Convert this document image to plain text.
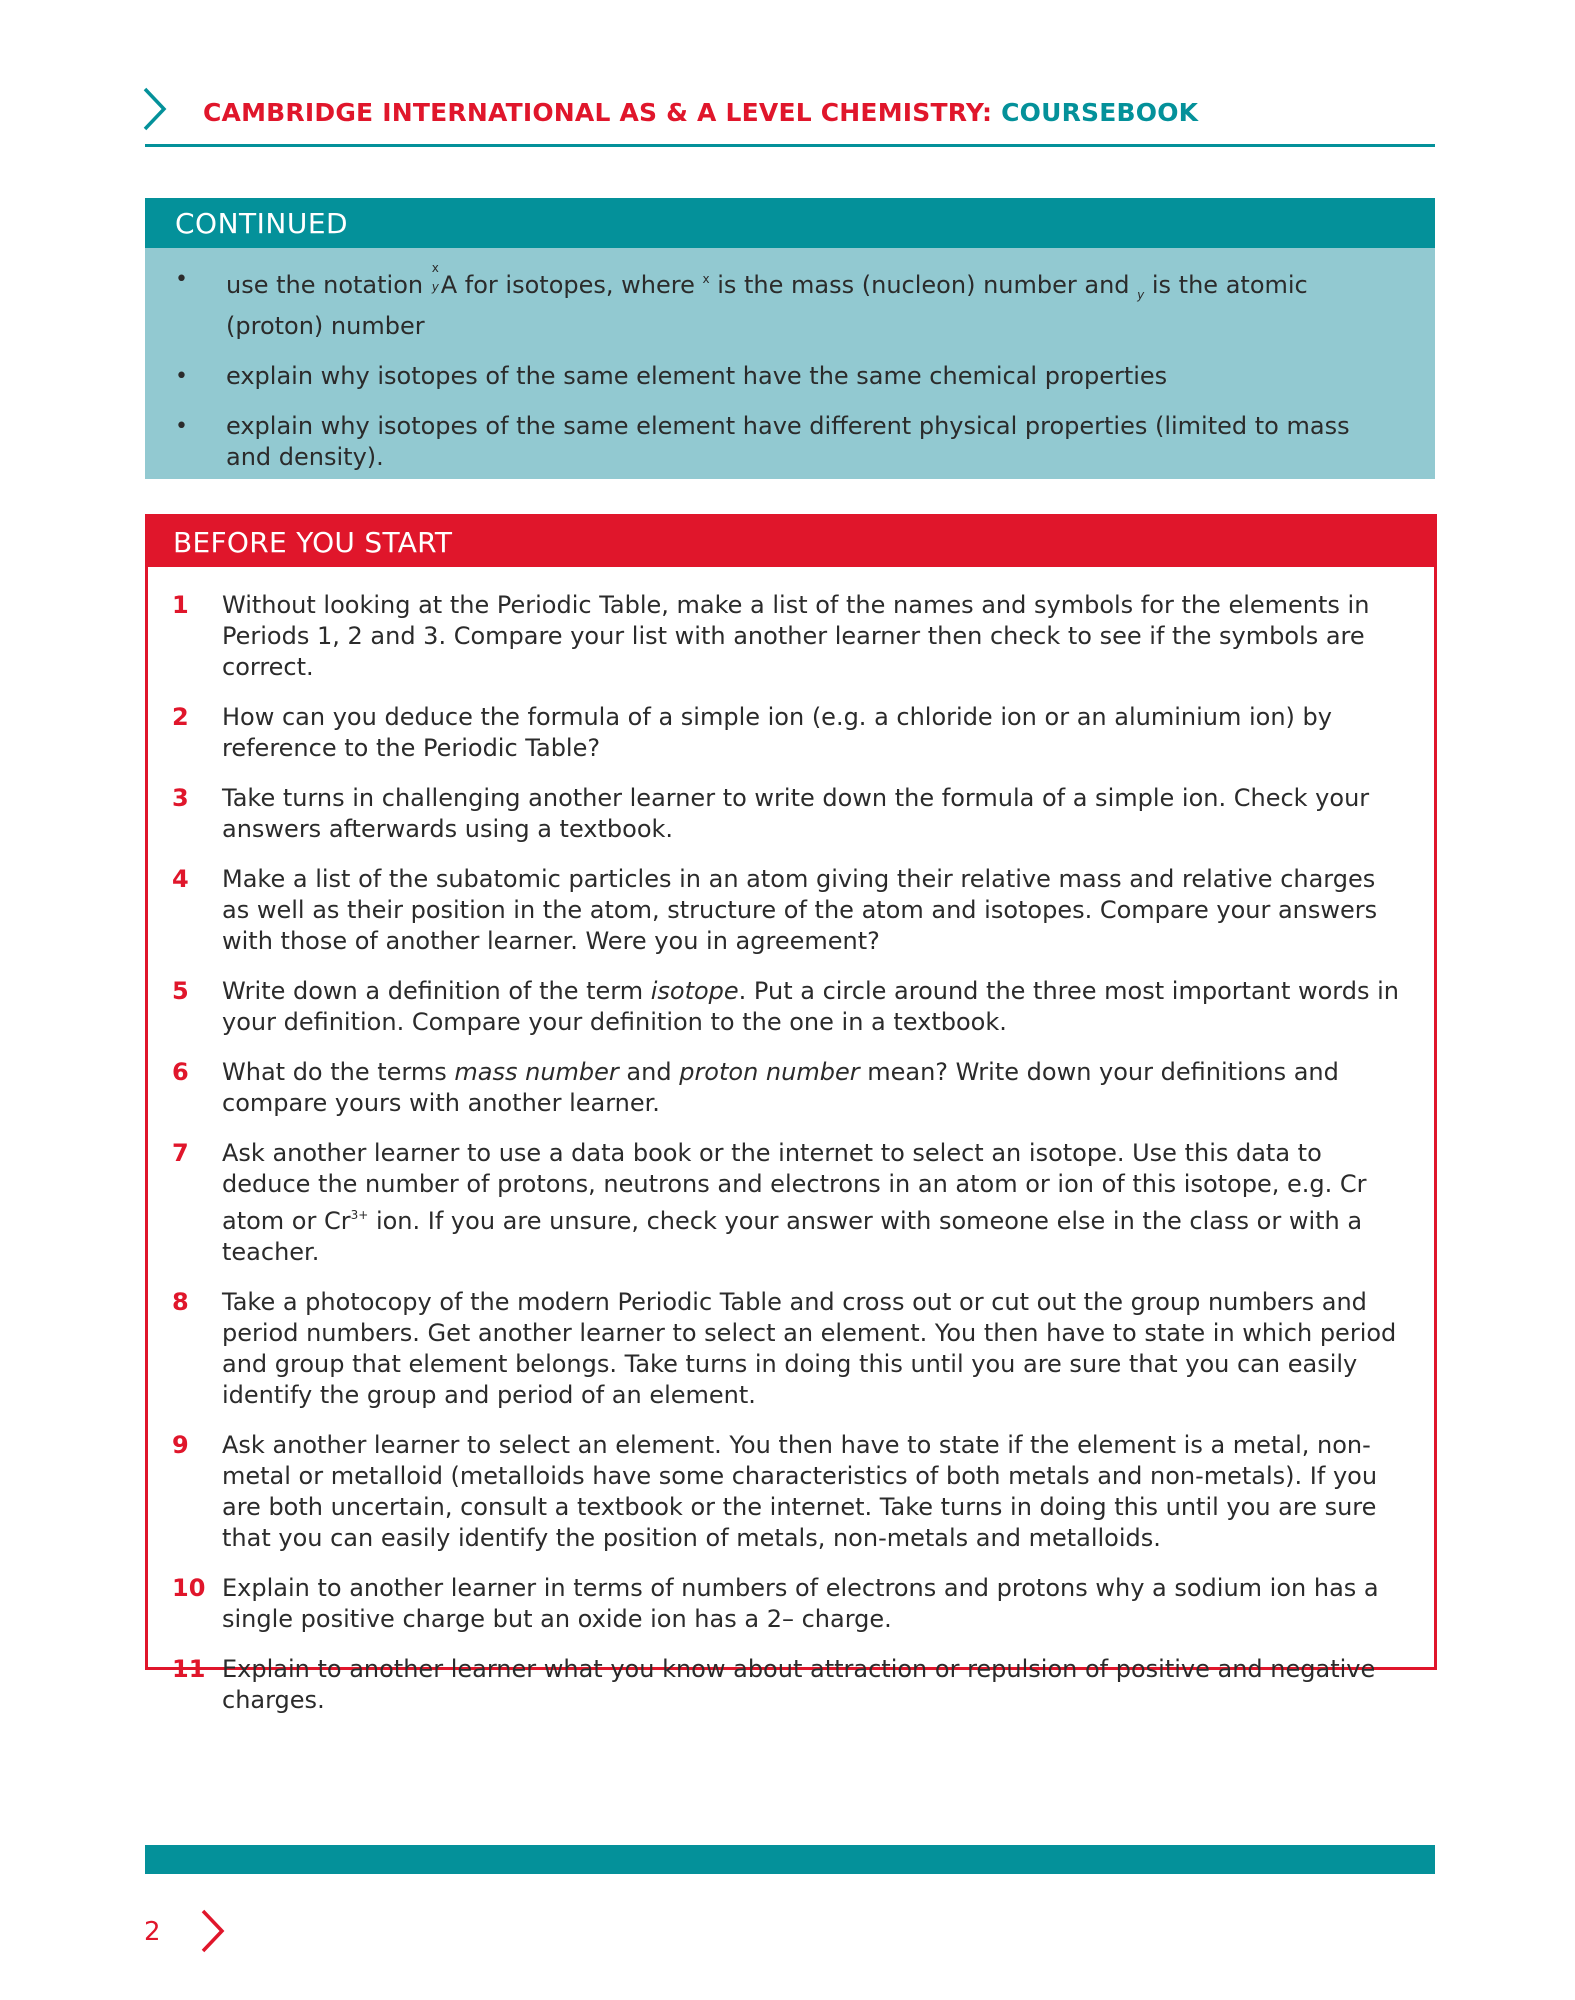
CAMBRIDGE INTERNATIONAL AS & A LEVEL CHEMISTRY: COURSEBOOK
CONTINUED
• use the notation
x
y A for isotopes, where $^x$ is the mass (nucleon) number and $_y$ is the atomic (proton) number
• explain why isotopes of the same element have the same chemical properties
• explain why isotopes of the same element have different physical properties (limited to mass and density).
BEFORE YOU START
1 Without looking at the Periodic Table, make a list of the names and symbols for the elements in Periods 1, 2 and 3. Compare your list with another learner then check to see if the symbols are correct.
2 How can you deduce the formula of a simple ion (e.g. a chloride ion or an aluminium ion) by reference to the Periodic Table?
3 Take turns in challenging another learner to write down the formula of a simple ion. Check your answers afterwards using a textbook.
4 Make a list of the subatomic particles in an atom giving their relative mass and relative charges as well as their position in the atom, structure of the atom and isotopes. Compare your answers with those of another learner. Were you in agreement?
5 Write down a definition of the term isotope. Put a circle around the three most important words in your definition. Compare your definition to the one in a textbook.
6 What do the terms mass number and proton number mean? Write down your definitions and compare yours with another learner.
7 Ask another learner to use a data book or the internet to select an isotope. Use this data to deduce the number of protons, neutrons and electrons in an atom or ion of this isotope, e.g. Cr atom or $Cr^{3+}$ ion. If you are unsure, check your answer with someone else in the class or with a teacher.
8 Take a photocopy of the modern Periodic Table and cross out or cut out the group numbers and period numbers. Get another learner to select an element. You then have to state in which period and group that element belongs. Take turns in doing this until you are sure that you can easily identify the group and period of an element.
9 Ask another learner to select an element. You then have to state if the element is a metal, non-metal or metalloid (metalloids have some characteristics of both metals and non-metals). If you are both uncertain, consult a textbook or the internet. Take turns in doing this until you are sure that you can easily identify the position of metals, non-metals and metalloids.
10 Explain to another learner in terms of numbers of electrons and protons why a sodium ion has a single positive charge but an oxide ion has a 2– charge.
11 Explain to another learner what you know about attraction or repulsion of positive and negative charges.
2
